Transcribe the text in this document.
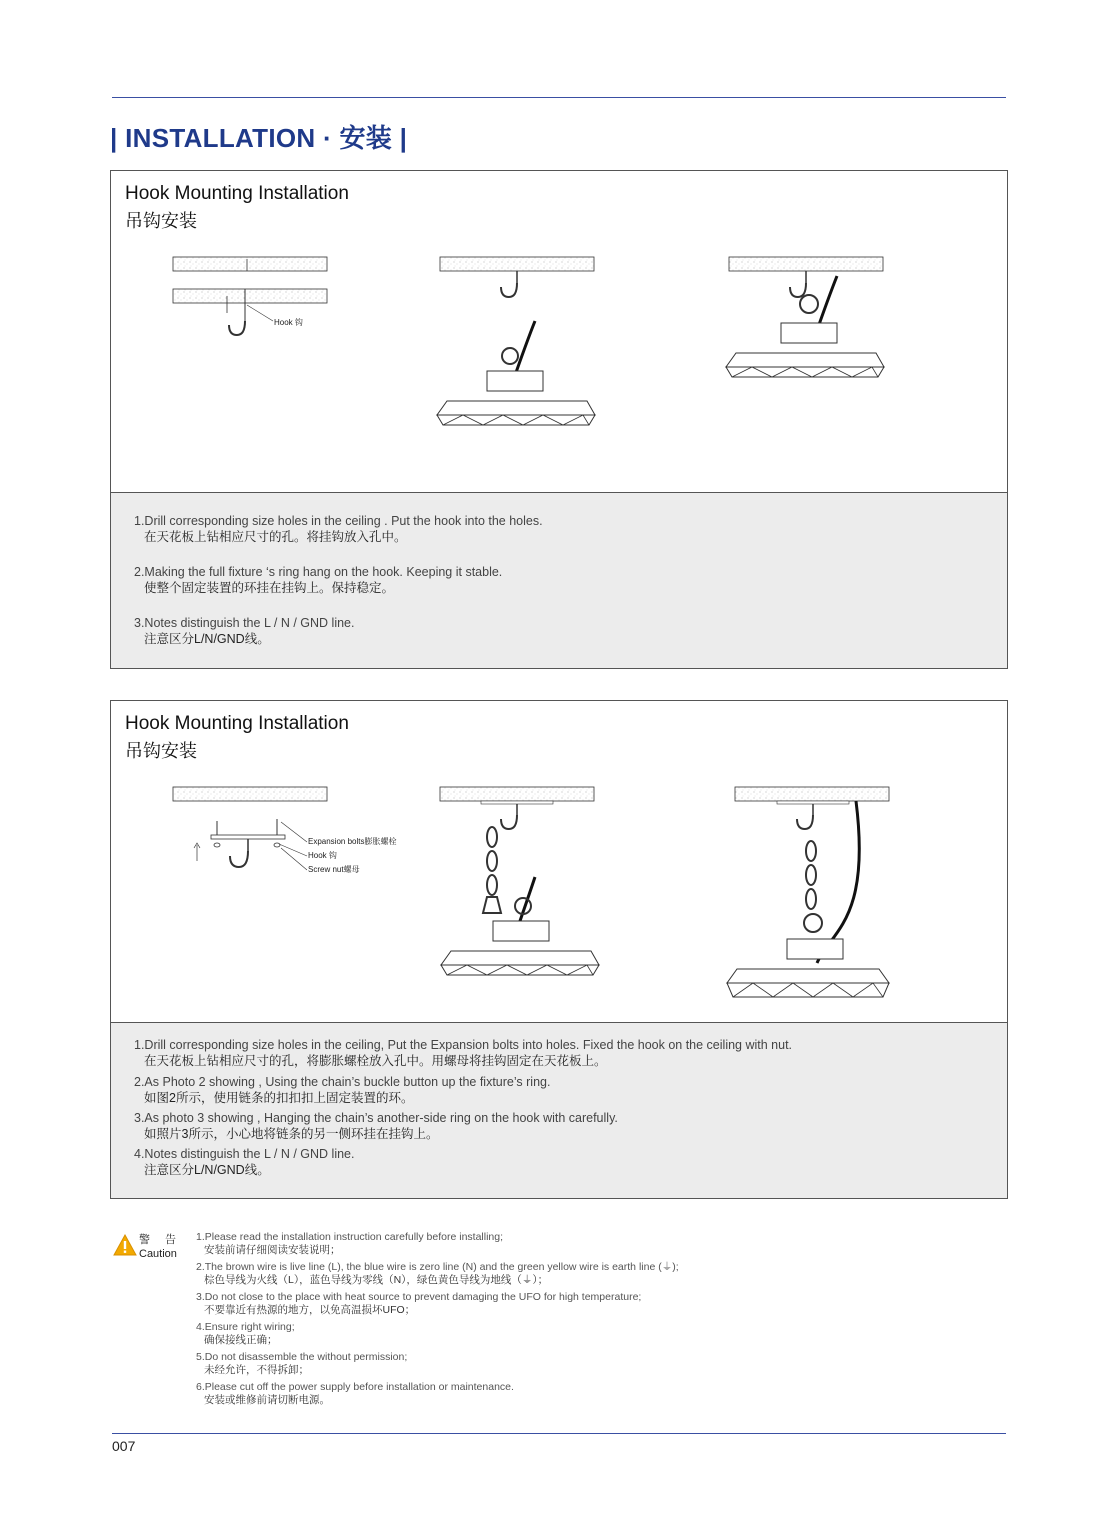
| INSTALLATION · 安装 |
Hook Mounting Installation
吊钩安装
Hook 钩
1.Drill corresponding size holes in the ceiling . Put the hook into the holes.
在天花板上钻相应尺寸的孔。将挂钩放入孔中。
2.Making the full fixture ‘s ring hang on the hook. Keeping it stable.
使整个固定装置的环挂在挂钩上。保持稳定。
3.Notes distinguish the L / N / GND line.
注意区分L/N/GND线。
Hook Mounting Installation
吊钩安装
Expansion bolts膨胀螺栓
Hook 钩
Screw nut螺母
1.Drill corresponding size holes in the ceiling, Put the Expansion bolts into holes. Fixed the hook on the ceiling with nut.
在天花板上钻相应尺寸的孔，将膨胀螺栓放入孔中。用螺母将挂钩固定在天花板上。
2.As Photo 2 showing , Using the chain’s buckle button up the fixture’s ring.
如图2所示，使用链条的扣扣扣上固定装置的环。
3.As photo 3 showing , Hanging the chain’s another-side ring on the hook with carefully.
如照片3所示，小心地将链条的另一侧环挂在挂钩上。
4.Notes distinguish the L / N / GND line.
注意区分L/N/GND线。
警　告
Caution
1.Please read the installation instruction carefully before installing;
安装前请仔细阅读安装说明；
2.The brown wire is live line (L), the blue wire is zero line (N) and the green yellow wire is earth line (⏚);
棕色导线为火线（L），蓝色导线为零线（N），绿色黄色导线为地线（⏚）；
3.Do not close to the place with heat source to prevent damaging the UFO for high temperature;
不要靠近有热源的地方，以免高温损坏UFO；
4.Ensure right wiring;
确保接线正确；
5.Do not disassemble the without permission;
未经允许，不得拆卸；
6.Please cut off the power supply before installation or maintenance.
安装或维修前请切断电源。
007
